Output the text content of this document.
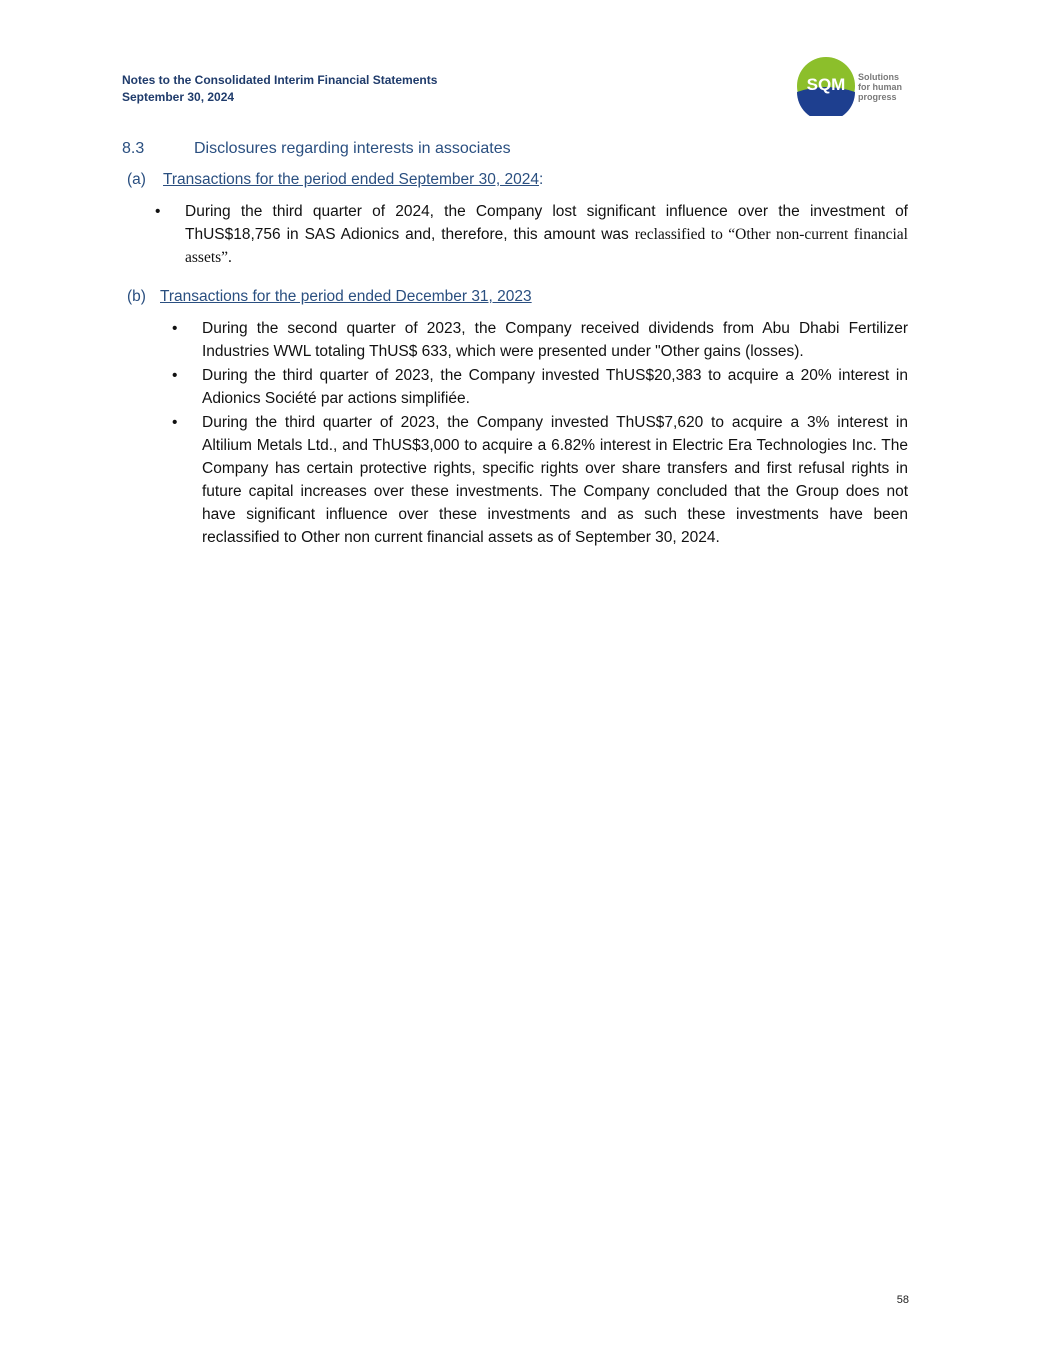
Notes to the Consolidated Interim Financial Statements
September 30, 2024
SQM Solutions
for human
progress
8.3	Disclosures regarding interests in associates
(a) Transactions for the period ended September 30, 2024:
• During the third quarter of 2024, the Company lost significant influence over the investment of ThUS$18,756 in SAS Adionics and, therefore, this amount was reclassified to “Other non-current financial assets”.
(b) Transactions for the period ended December 31, 2023
• During the second quarter of 2023, the Company received dividends from Abu Dhabi Fertilizer Industries WWL totaling ThUS$ 633, which were presented under "Other gains (losses).
• During the third quarter of 2023, the Company invested ThUS$20,383 to acquire a 20% interest in Adionics Société par actions simplifiée.
• During the third quarter of 2023, the Company invested ThUS$7,620 to acquire a 3% interest in Altilium Metals Ltd., and ThUS$3,000 to acquire a 6.82% interest in Electric Era Technologies Inc. The Company has certain protective rights, specific rights over share transfers and first refusal rights in future capital increases over these investments. The Company concluded that the Group does not have significant influence over these investments and as such these investments have been reclassified to Other non current financial assets as of September 30, 2024.
58
